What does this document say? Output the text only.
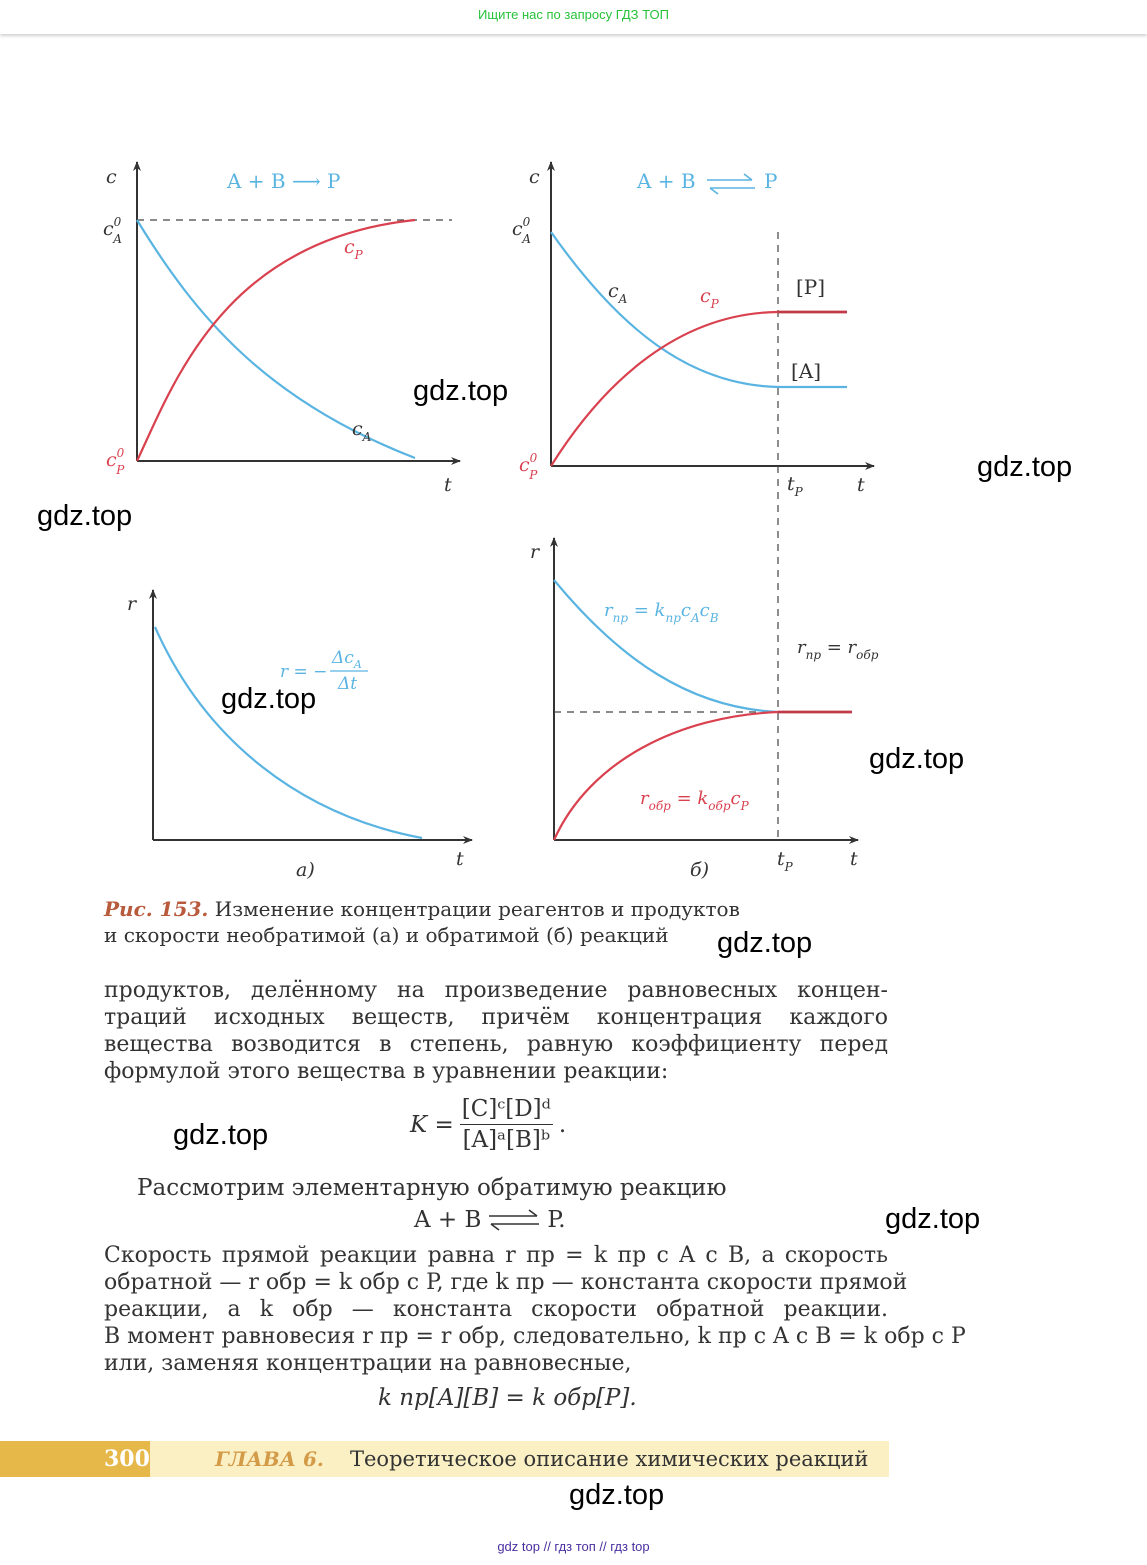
Ищите нас по запросу ГДЗ ТОП
c
t
A + B ⟶ P
$c^0$ A
$c^0$ P
$c_P$
$c_A$
c
t
A + B	P
$c^0$ A
$c^0$ P
$c_A$	$c_P$
[P]
[A]
$t_P$
r
t
r = −
$\Delta c_A$
Δt
а)
r
t
$t_P$
$r_{пр} = k_{пр}c_Ac_B$
$r_{обр} = k_{обр}c_P$
$r_{пр} = r_{обр}$
б)
Рис. 153. Изменение концентрации реагентов и продуктов
и скорости необратимой (а) и обратимой (б) реакций
продуктов, делённому на произведение равновесных концен-
траций исходных веществ, причём концентрация каждого
вещества возводится в степень, равную коэффициенту перед
формулой этого вещества в уравнении реакции:
$K = \frac{\text{[C]ᶜ[D]ᵈ}}{\text{[A]ᵃ[B]ᵇ}}$ .
Рассмотрим элементарную обратимую реакцию
A + B ⇌ P.
Скорость прямой реакции равна r пр = k пр c A c B, а скорость
обратной — r обр = k обр c P, где k пр — константа скорости прямой
реакции, а k обр — константа скорости обратной реакции.
В момент равновесия r пр = r обр, следовательно, k пр c A c B = k обр c P
или, заменяя концентрации на равновесные,
k пр[A][B] = k обр[P].
300	ГЛАВА 6. Теоретическое описание химических реакций
gdz.top
gdz.top
gdz.top
gdz.top
gdz.top
gdz.top
gdz.top
gdz.top
gdz.top
gdz top // гдз топ // гдз top
